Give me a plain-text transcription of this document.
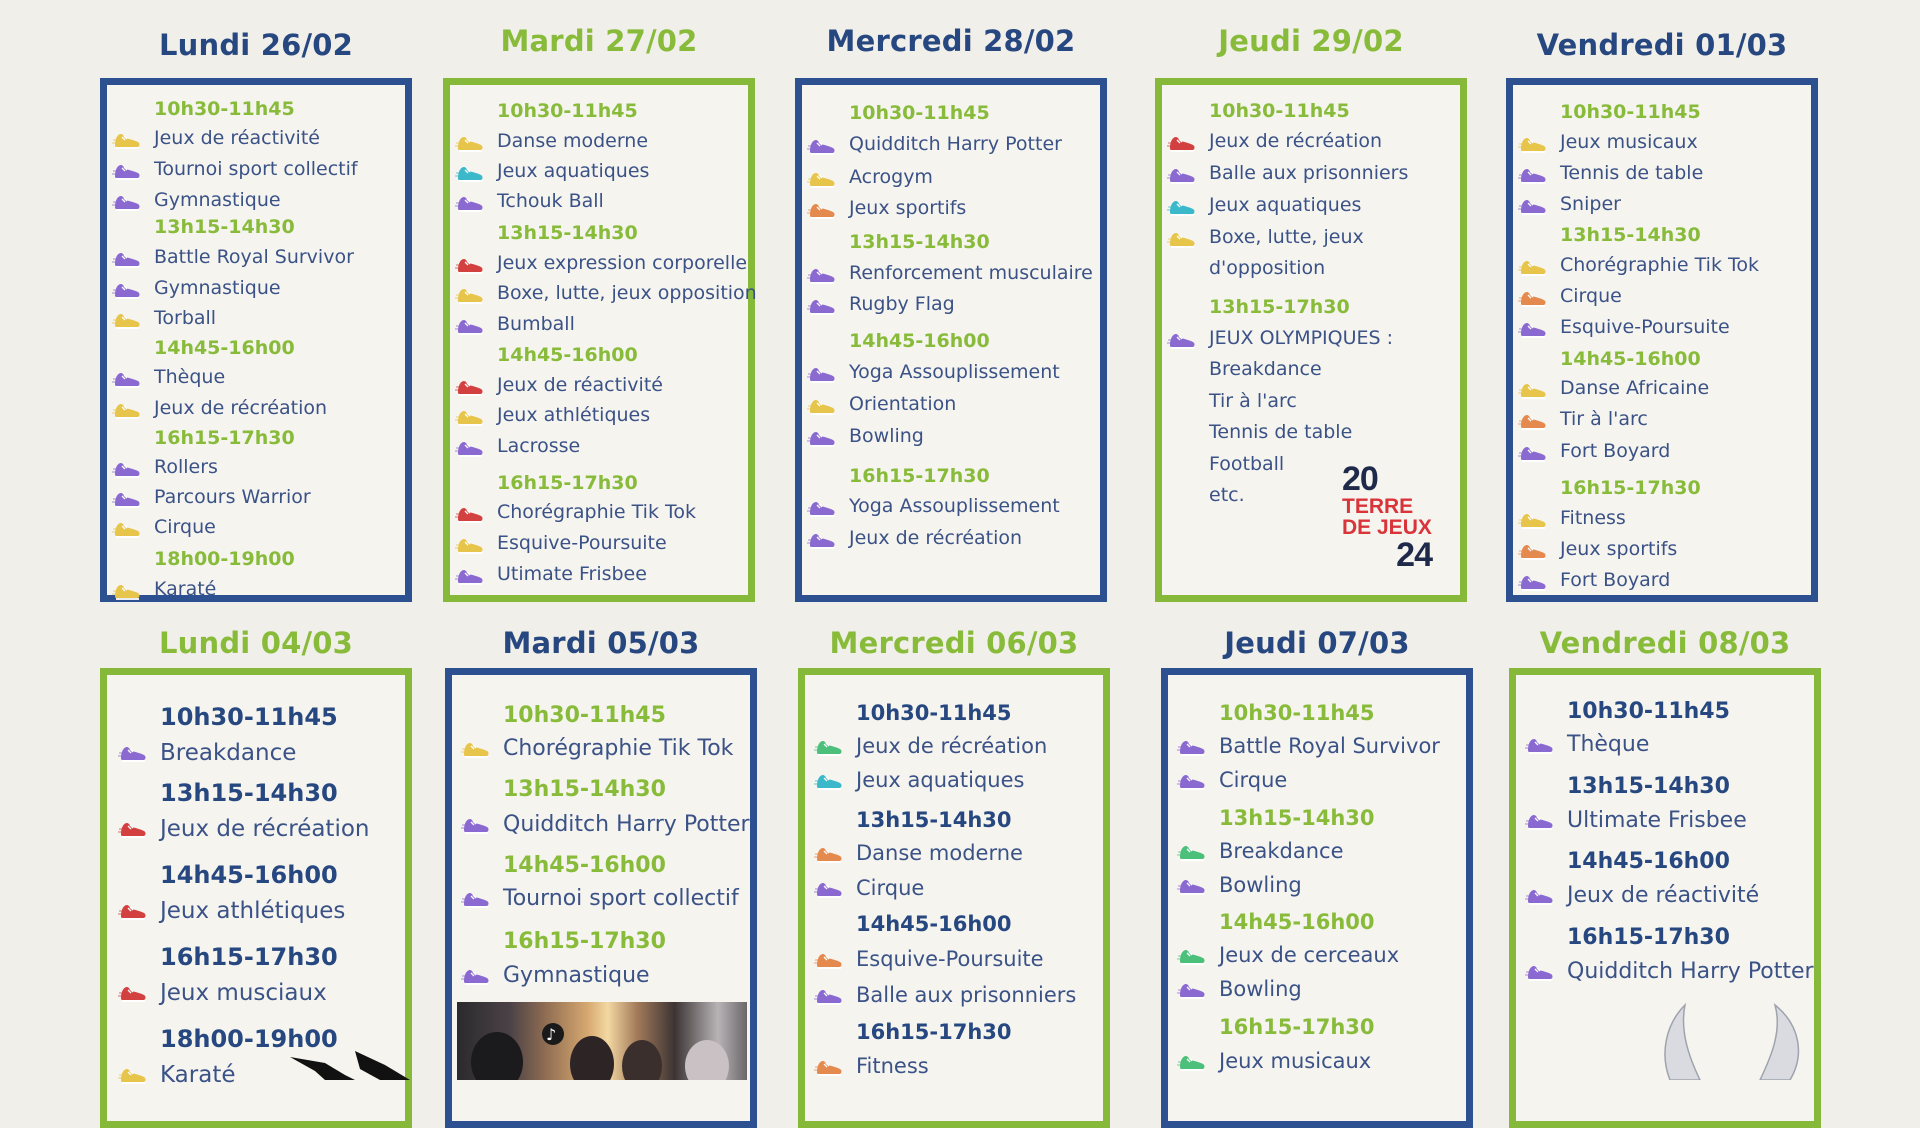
Lundi 26/02
10h30-11h45
Jeux de réactivité
Tournoi sport collectif
Gymnastique
13h15-14h30
Battle Royal Survivor
Gymnastique
Torball
14h45-16h00
Thèque
Jeux de récréation
16h15-17h30
Rollers
Parcours Warrior
Cirque
18h00-19h00
Karaté
Mardi 27/02
10h30-11h45
Danse moderne
Jeux aquatiques
Tchouk Ball
13h15-14h30
Jeux expression corporelle
Boxe, lutte, jeux opposition
Bumball
14h45-16h00
Jeux de réactivité
Jeux athlétiques
Lacrosse
16h15-17h30
Chorégraphie Tik Tok
Esquive-Poursuite
Utimate Frisbee
Mercredi 28/02
10h30-11h45
Quidditch Harry Potter
Acrogym
Jeux sportifs
13h15-14h30
Renforcement musculaire
Rugby Flag
14h45-16h00
Yoga Assouplissement
Orientation
Bowling
16h15-17h30
Yoga Assouplissement
Jeux de récréation
Jeudi 29/02
10h30-11h45
Jeux de récréation
Balle aux prisonniers
Jeux aquatiques
Boxe, lutte, jeux
d'opposition
13h15-17h30
JEUX OLYMPIQUES :
Breakdance
Tir à l'arc
Tennis de table
Football
etc.	20
TERRE
DE JEUX
24
Vendredi 01/03
10h30-11h45
Jeux musicaux
Tennis de table
Sniper
13h15-14h30
Chorégraphie Tik Tok
Cirque
Esquive-Poursuite
14h45-16h00
Danse Africaine
Tir à l'arc
Fort Boyard
16h15-17h30
Fitness
Jeux sportifs
Fort Boyard
Lundi 04/03
10h30-11h45
Breakdance
13h15-14h30
Jeux de récréation
14h45-16h00
Jeux athlétiques
16h15-17h30
Jeux musciaux
18h00-19h00
Karaté
Mardi 05/03
10h30-11h45
Chorégraphie Tik Tok
13h15-14h30
Quidditch Harry Potter
14h45-16h00
Tournoi sport collectif
16h15-17h30
Gymnastique
Mercredi 06/03
10h30-11h45
Jeux de récréation
Jeux aquatiques
13h15-14h30
Danse moderne
Cirque
14h45-16h00
Esquive-Poursuite
Balle aux prisonniers
16h15-17h30
Fitness
Jeudi 07/03
10h30-11h45
Battle Royal Survivor
Cirque
13h15-14h30
Breakdance
Bowling
14h45-16h00
Jeux de cerceaux
Bowling
16h15-17h30
Jeux musicaux
Vendredi 08/03
10h30-11h45
Thèque
13h15-14h30
Ultimate Frisbee
14h45-16h00
Jeux de réactivité
16h15-17h30
Quidditch Harry Potter
♪
